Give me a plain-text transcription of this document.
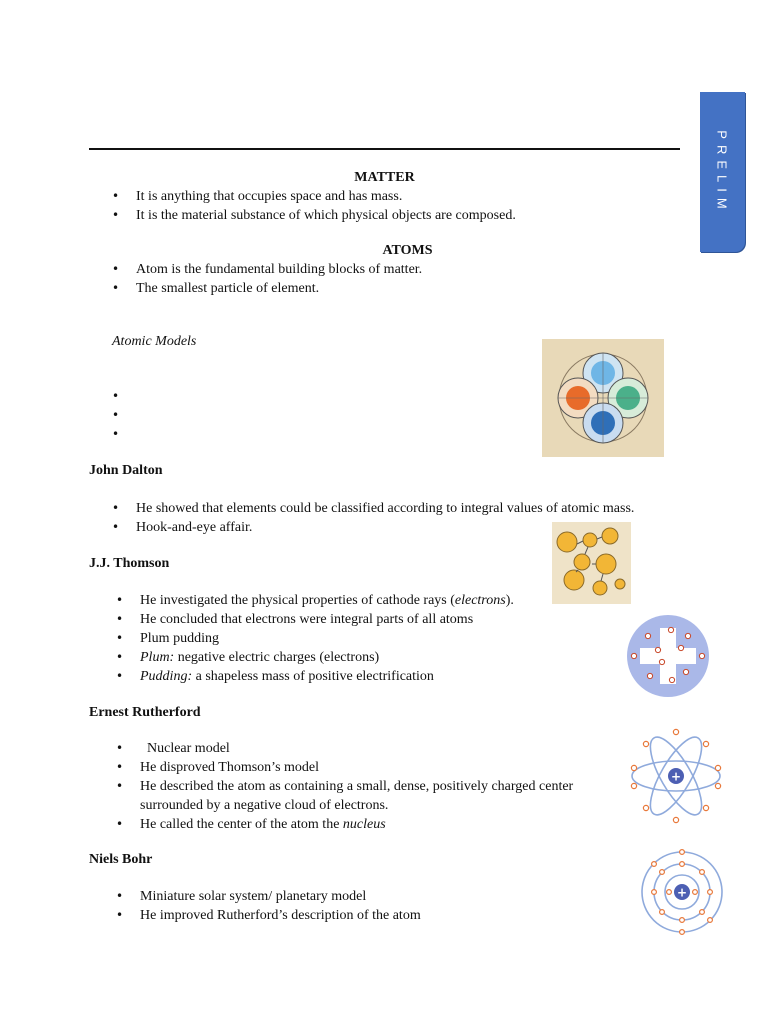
PRELIM
MATTER
• It is anything that occupies space and has mass.
• It is the material substance of which physical objects are composed.
ATOMS
• Atom is the fundamental building blocks of matter.
• The smallest particle of element.
Atomic Models
•
•
•
John Dalton
• He showed that elements could be classified according to integral values of atomic mass.
• Hook-and-eye affair.
J.J. Thomson
• He investigated the physical properties of cathode rays (electrons).
• He concluded that electrons were integral parts of all atoms
• Plum pudding
• Plum: negative electric charges (electrons)
• Pudding: a shapeless mass of positive electrification
Ernest Rutherford
• Nuclear model
• He disproved Thomson’s model
• He described the atom as containing a small, dense, positively charged center surrounded by a negative cloud of electrons.
• He called the center of the atom the nucleus
+
Niels Bohr
• Miniature solar system/ planetary model
• He improved Rutherford’s description of the atom
+
